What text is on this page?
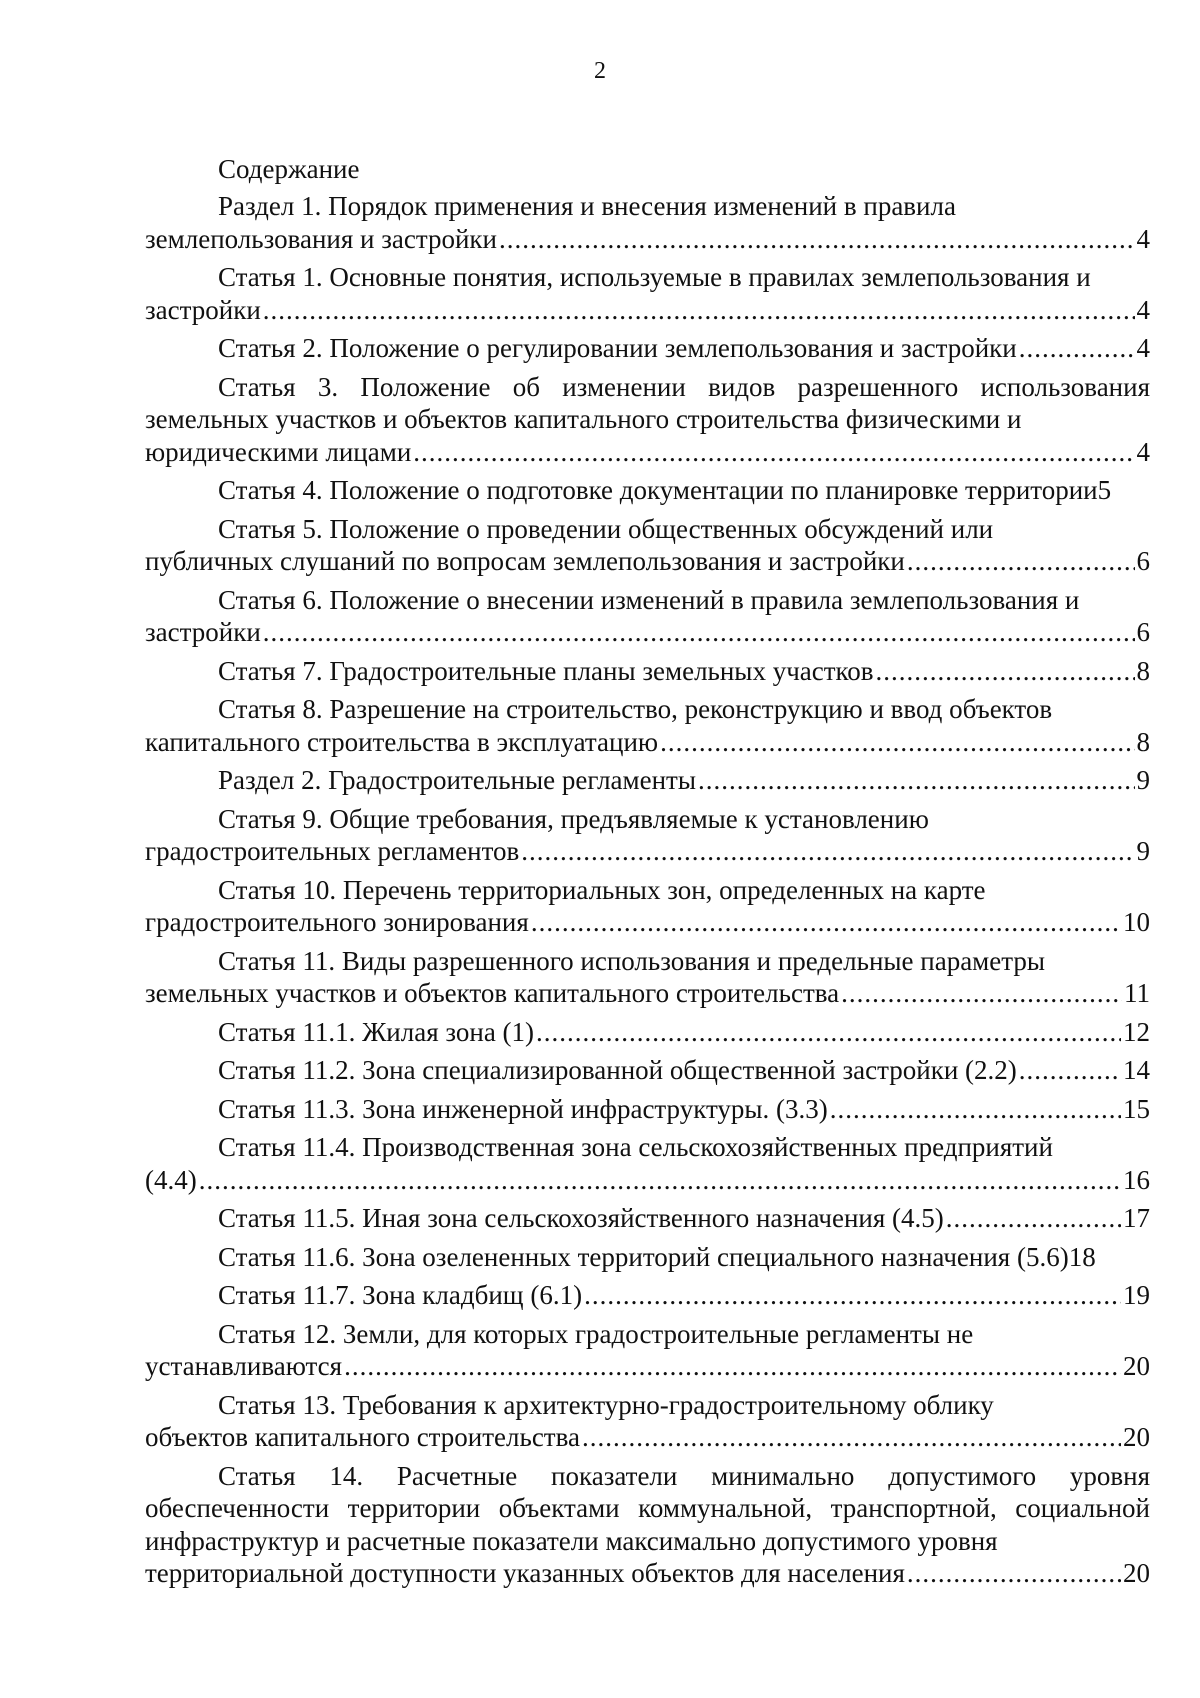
2
Содержание
Раздел 1. Порядок применения и внесения изменений в правила
землепользования и застройки .....	4
Статья 1. Основные понятия, используемые в правилах землепользования и
застройки .....	4
Статья 2. Положение о регулировании землепользования и застройки .....	4
Статья 3. Положение об изменении видов разрешенного использования земельных участков и объектов капитального строительства физическими и
юридическими лицами .....	4
Статья 4. Положение о подготовке документации по планировке территории 5
Статья 5. Положение о проведении общественных обсуждений или
публичных слушаний по вопросам землепользования и застройки .....	6
Статья 6. Положение о внесении изменений в правила землепользования и
застройки .....	6
Статья 7. Градостроительные планы земельных участков .....	8
Статья 8. Разрешение на строительство, реконструкцию и ввод объектов
капитального строительства в эксплуатацию .....	8
Раздел 2. Градостроительные регламенты .....	9
Статья 9. Общие требования, предъявляемые к установлению
градостроительных регламентов .....	9
Статья 10. Перечень территориальных зон, определенных на карте
градостроительного зонирования .....	10
Статья 11. Виды разрешенного использования и предельные параметры
земельных участков и объектов капитального строительства .....	11
Статья 11.1. Жилая зона (1) .....	12
Статья 11.2. Зона специализированной общественной застройки (2.2) .....	14
Статья 11.3. Зона инженерной инфраструктуры. (3.3) .....	15
Статья 11.4. Производственная зона сельскохозяйственных предприятий
(4.4) .....	16
Статья 11.5. Иная зона сельскохозяйственного назначения (4.5) .....	17
Статья 11.6. Зона озелененных территорий специального назначения (5.6) 18
Статья 11.7. Зона кладбищ (6.1) .....	19
Статья 12. Земли, для которых градостроительные регламенты не
устанавливаются .....	20
Статья 13. Требования к архитектурно-градостроительному облику
объектов капитального строительства .....	20
Статья 14. Расчетные показатели минимально допустимого уровня обеспеченности территории объектами коммунальной, транспортной, социальной инфраструктур и расчетные показатели максимально допустимого уровня
территориальной доступности указанных объектов для населения .....	20
